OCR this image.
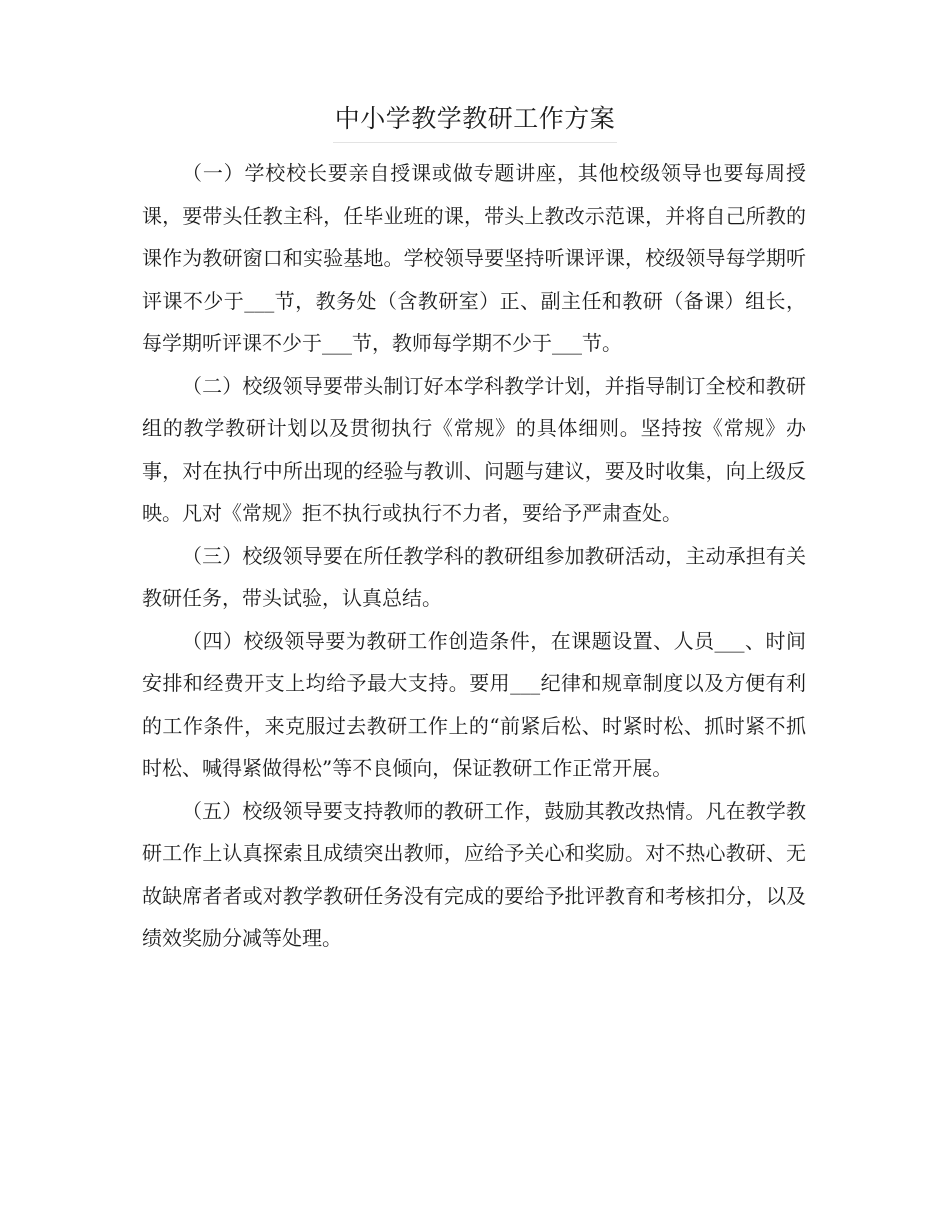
中小学教学教研工作方案

（一）学校校长要亲自授课或做专题讲座，其他校级领导也要每周授课，要带头任教主科，任毕业班的课，带头上教改示范课，并将自己所教的课作为教研窗口和实验基地。学校领导要坚持听课评课，校级领导每学期听评课不少于___节，教务处（含教研室）正、副主任和教研（备课）组长，每学期听评课不少于___节，教师每学期不少于___节。

（二）校级领导要带头制订好本学科教学计划，并指导制订全校和教研组的教学教研计划以及贯彻执行《常规》的具体细则。坚持按《常规》办事，对在执行中所出现的经验与教训、问题与建议，要及时收集，向上级反映。凡对《常规》拒不执行或执行不力者，要给予严肃查处。

（三）校级领导要在所任教学科的教研组参加教研活动，主动承担有关教研任务，带头试验，认真总结。

（四）校级领导要为教研工作创造条件，在课题设置、人员___、时间安排和经费开支上均给予最大支持。要用___纪律和规章制度以及方便有利的工作条件，来克服过去教研工作上的“前紧后松、时紧时松、抓时紧不抓时松、喊得紧做得松”等不良倾向，保证教研工作正常开展。

（五）校级领导要支持教师的教研工作，鼓励其教改热情。凡在教学教研工作上认真探索且成绩突出教师，应给予关心和奖励。对不热心教研、无故缺席者者或对教学教研任务没有完成的要给予批评教育和考核扣分，以及绩效奖励分减等处理。
